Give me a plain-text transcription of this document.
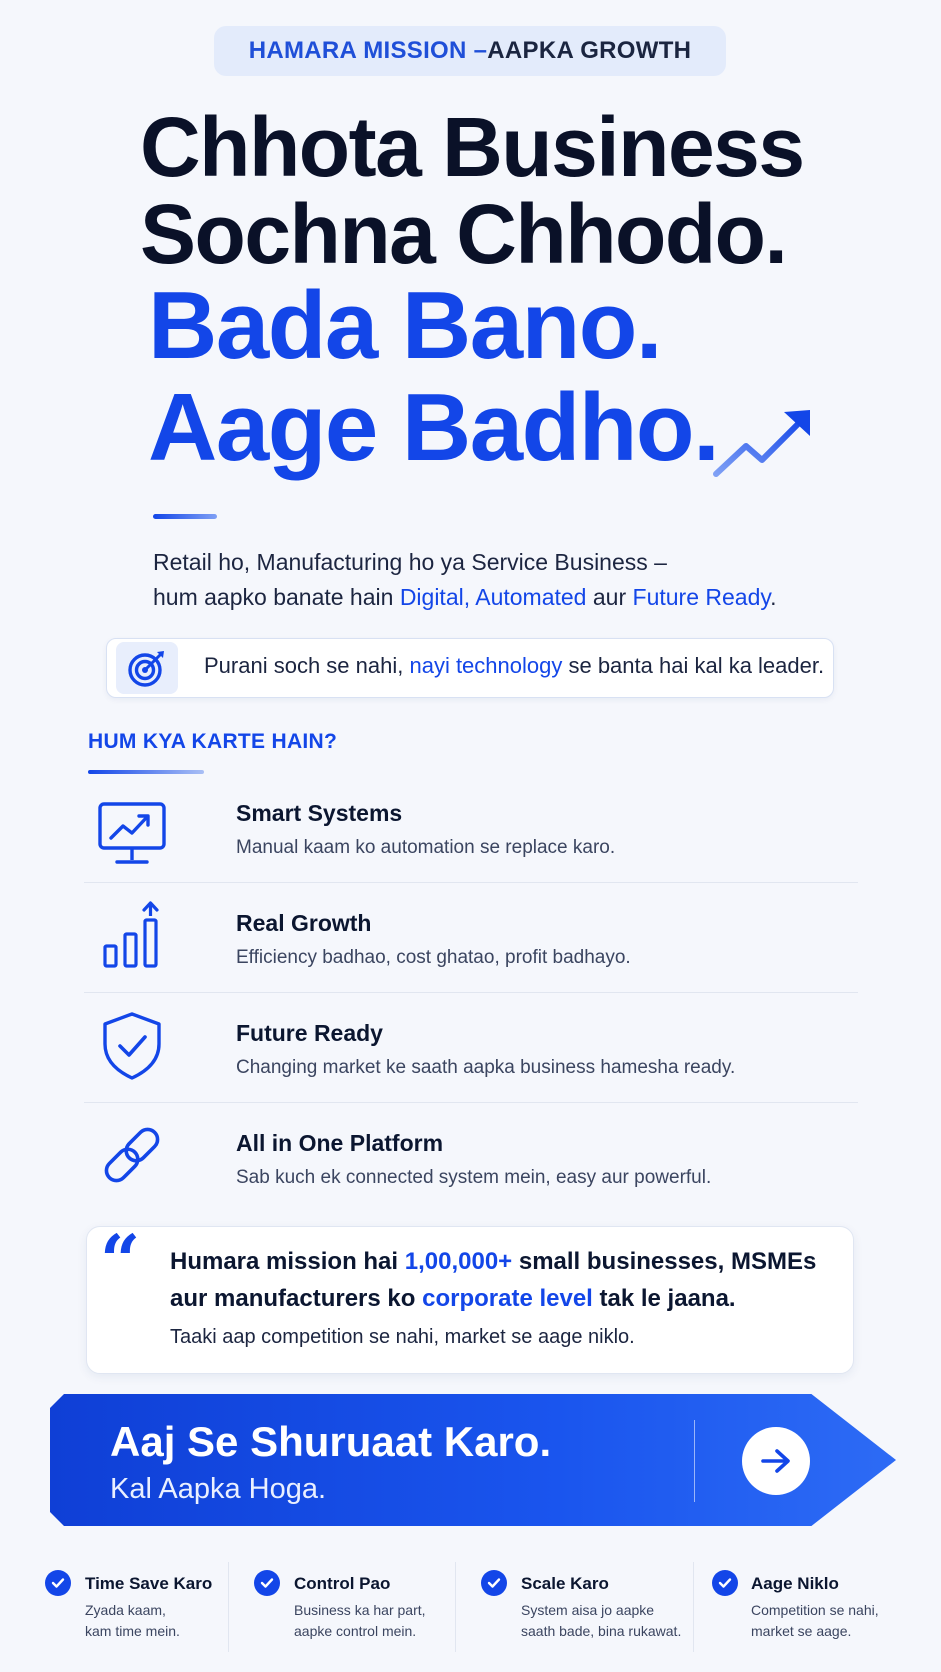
HAMARA MISSION – AAPKA GROWTH
Chhota Business
Sochna Chhodo.
Bada Bano.
Aage Badho.
Retail ho, Manufacturing ho ya Service Business –
hum aapko banate hain Digital, Automated aur Future Ready.
Purani soch se nahi, nayi technology se banta hai kal ka leader.
HUM KYA KARTE HAIN?
Smart Systems
Manual kaam ko automation se replace karo.
Real Growth
Efficiency badhao, cost ghatao, profit badhayo.
Future Ready
Changing market ke saath aapka business hamesha ready.
All in One Platform
Sab kuch ek connected system mein, easy aur powerful.
“ Humara mission hai 1,00,000+ small businesses, MSMEs
aur manufacturers ko corporate level tak le jaana.
Taaki aap competition se nahi, market se aage niklo.
Aaj Se Shuruaat Karo.
Kal Aapka Hoga.
Time Save Karo
Zyada kaam,
kam time mein.
Control Pao
Business ka har part,
aapke control mein.
Scale Karo
System aisa jo aapke
saath bade, bina rukawat.
Aage Niklo
Competition se nahi,
market se aage.
